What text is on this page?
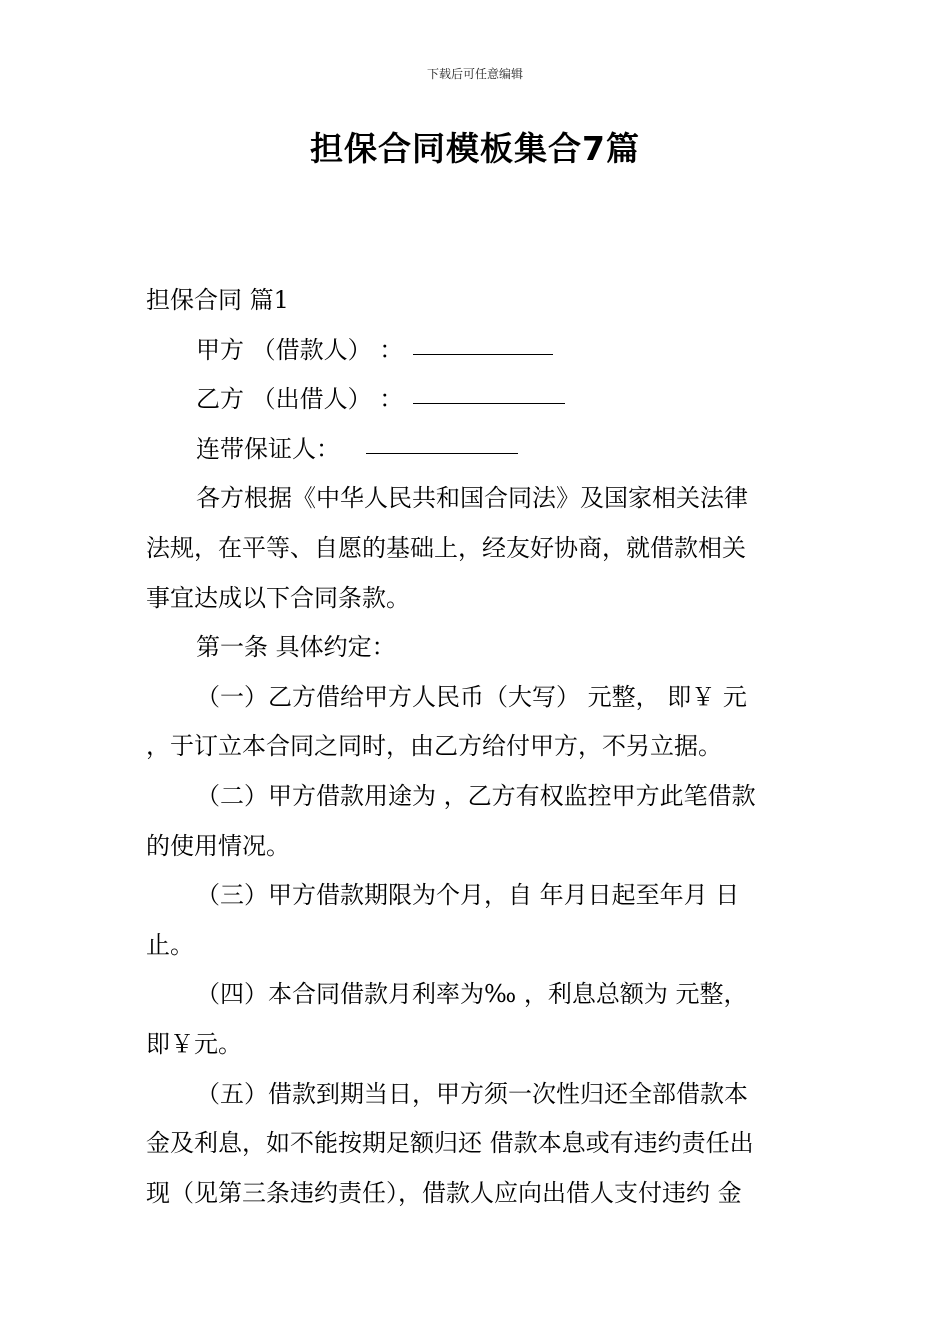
下载后可任意编辑
担保合同模板集合7篇

担保合同 篇1

甲方 （借款人） ：

乙方 （出借人） ：

连带保证人：

各方根据《中华人民共和国合同法》及国家相关法律

法规，在平等、自愿的基础上，经友好协商，就借款相关

事宜达成以下合同条款。

第一条 具体约定：

（一）乙方借给甲方人民币（大写） 元整， 即￥ 元

，于订立本合同之同时，由乙方给付甲方，不另立据。

（二）甲方借款用途为 ，乙方有权监控甲方此笔借款

的使用情况。

（三）甲方借款期限为个月，自 年月日起至年月 日

止。

（四）本合同借款月利率为‰ ，利息总额为 元整，

即￥元。

（五）借款到期当日，甲方须一次性归还全部借款本

金及利息，如不能按期足额归还 借款本息或有违约责任出

现（见第三条违约责任），借款人应向出借人支付违约 金
